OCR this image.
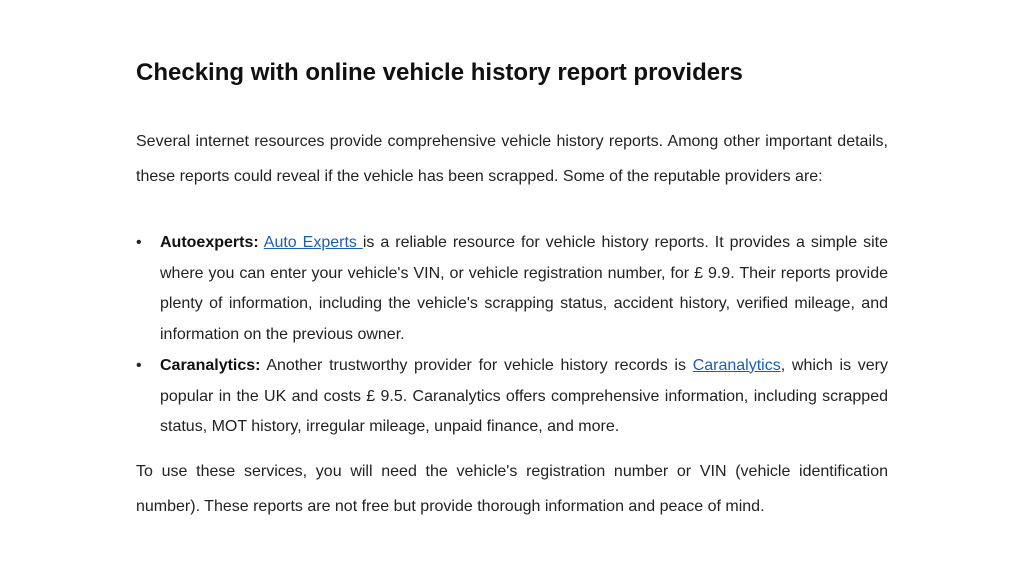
Checking with online vehicle history report providers

Several internet resources provide comprehensive vehicle history reports. Among other important details, these reports could reveal if the vehicle has been scrapped. Some of the reputable providers are:

•	Autoexperts: Auto Experts is a reliable resource for vehicle history reports. It provides a simple site where you can enter your vehicle's VIN, or vehicle registration number, for £ 9.9. Their reports provide plenty of information, including the vehicle's scrapping status, accident history, verified mileage, and information on the previous owner.
•	Caranalytics: Another trustworthy provider for vehicle history records is Caranalytics, which is very popular in the UK and costs £ 9.5. Caranalytics offers comprehensive information, including scrapped status, MOT history, irregular mileage, unpaid finance, and more.

To use these services, you will need the vehicle's registration number or VIN (vehicle identification number). These reports are not free but provide thorough information and peace of mind.
